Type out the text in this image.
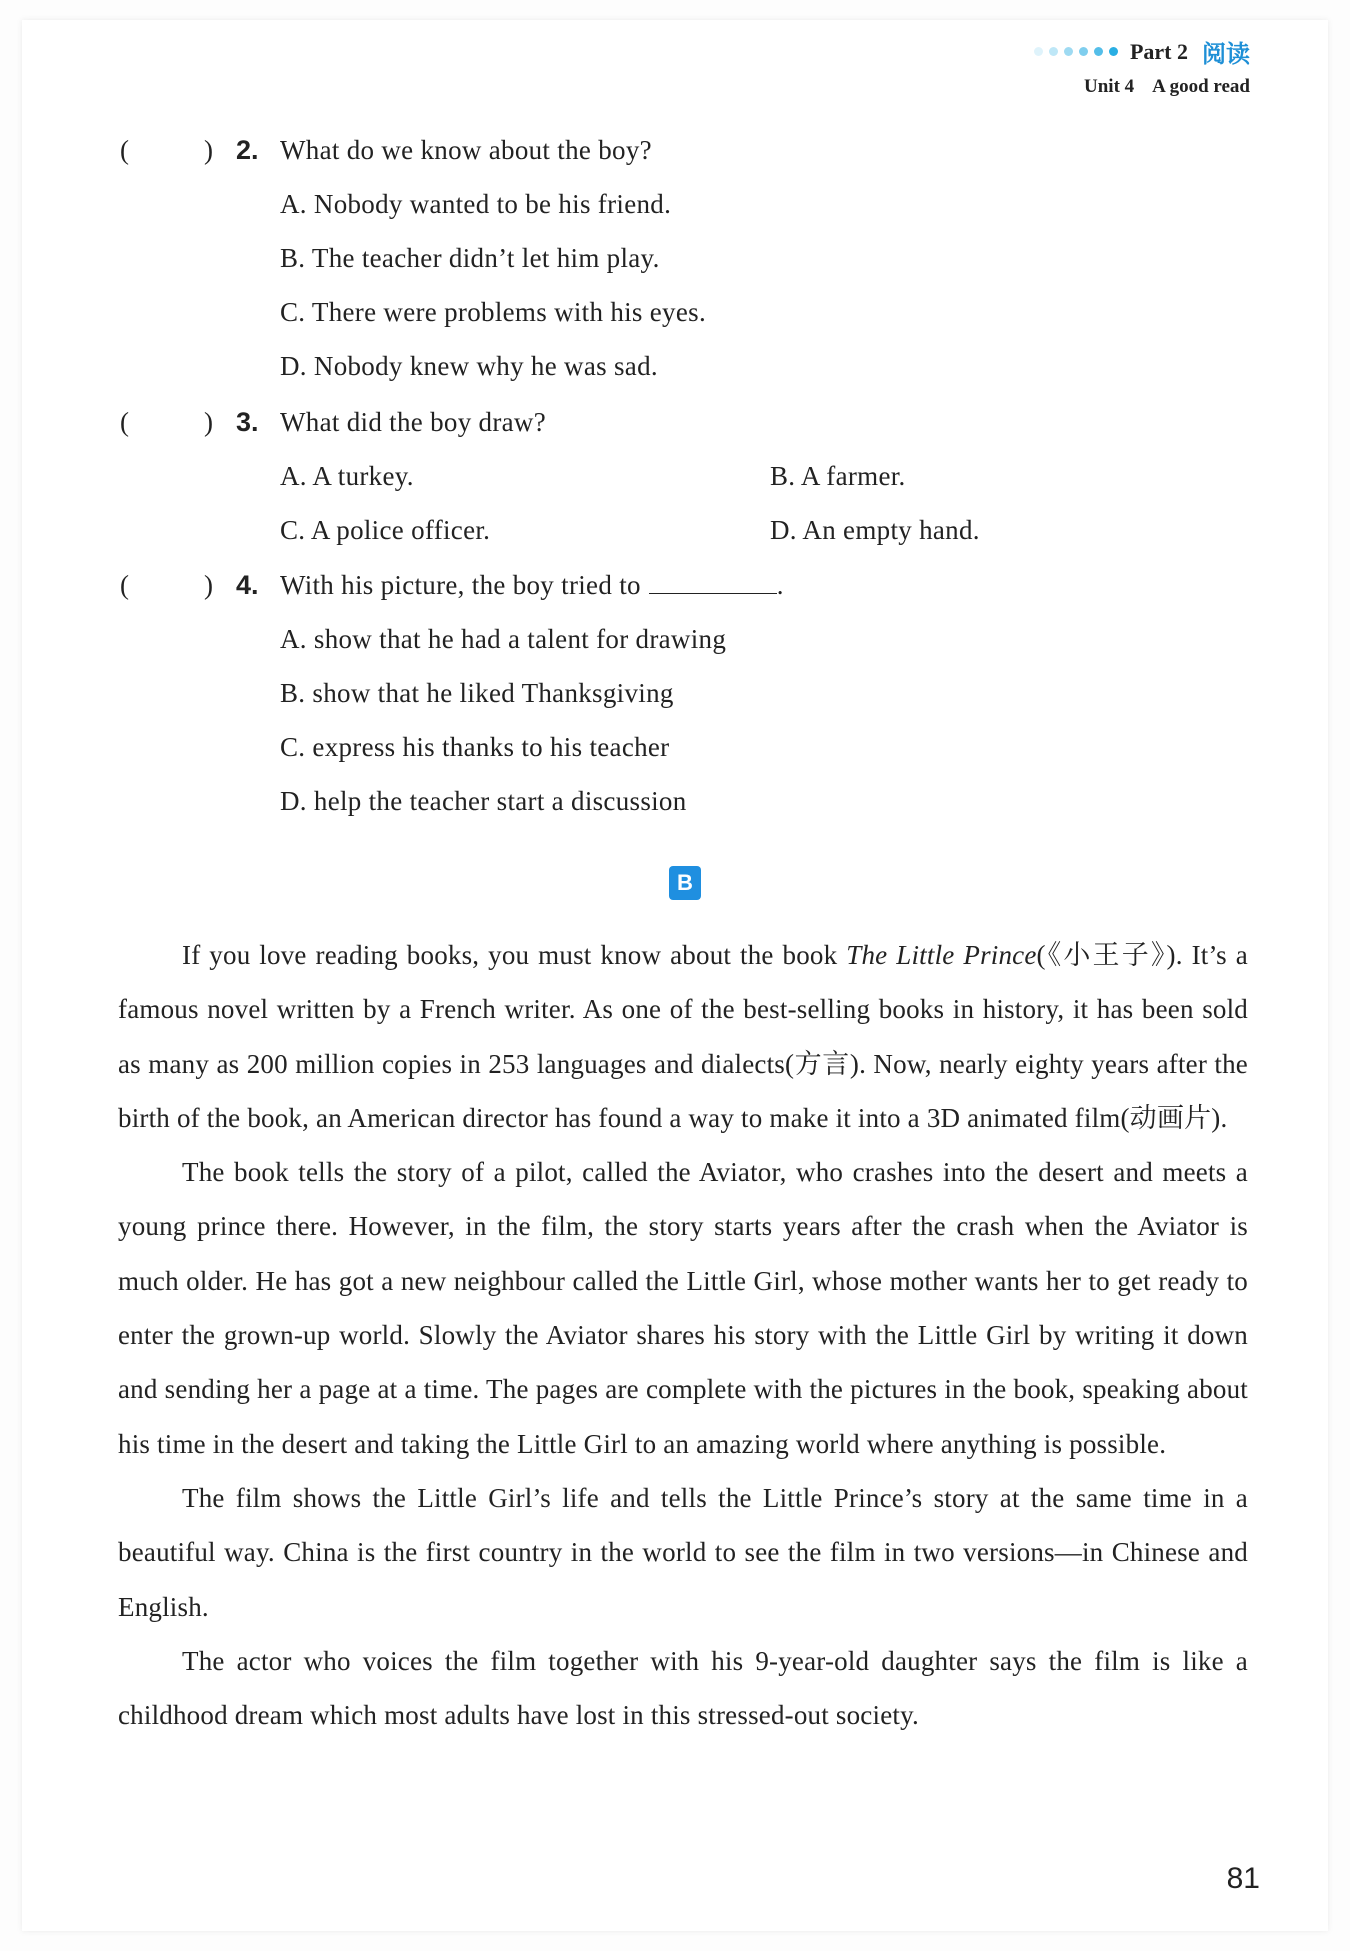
Part 2 阅读
Unit 4 A good read
(	) 2. What do we know about the boy?
A. Nobody wanted to be his friend.
B. The teacher didn’t let him play.
C. There were problems with his eyes.
D. Nobody knew why he was sad.
(	) 3. What did the boy draw?
A. A turkey.	B. A farmer.
C. A police officer.	D. An empty hand.
(	) 4. With his picture, the boy tried to	.
A. show that he had a talent for drawing
B. show that he liked Thanksgiving
C. express his thanks to his teacher
D. help the teacher start a discussion
B

If you love reading books, you must know about the book The Little Prince(《小王子》). It’s a famous novel written by a French writer. As one of the best-selling books in history, it has been sold as many as 200 million copies in 253 languages and dialects(方言). Now, nearly eighty years after the birth of the book, an American director has found a way to make it into a 3D animated film(动画片).

The book tells the story of a pilot, called the Aviator, who crashes into the desert and meets a young prince there. However, in the film, the story starts years after the crash when the Aviator is much older. He has got a new neighbour called the Little Girl, whose mother wants her to get ready to enter the grown-up world. Slowly the Aviator shares his story with the Little Girl by writing it down and sending her a page at a time. The pages are complete with the pictures in the book, speaking about his time in the desert and taking the Little Girl to an amazing world where anything is possible.

The film shows the Little Girl’s life and tells the Little Prince’s story at the same time in a beautiful way. China is the first country in the world to see the film in two versions—in Chinese and English.

The actor who voices the film together with his 9-year-old daughter says the film is like a childhood dream which most adults have lost in this stressed-out society.

81
